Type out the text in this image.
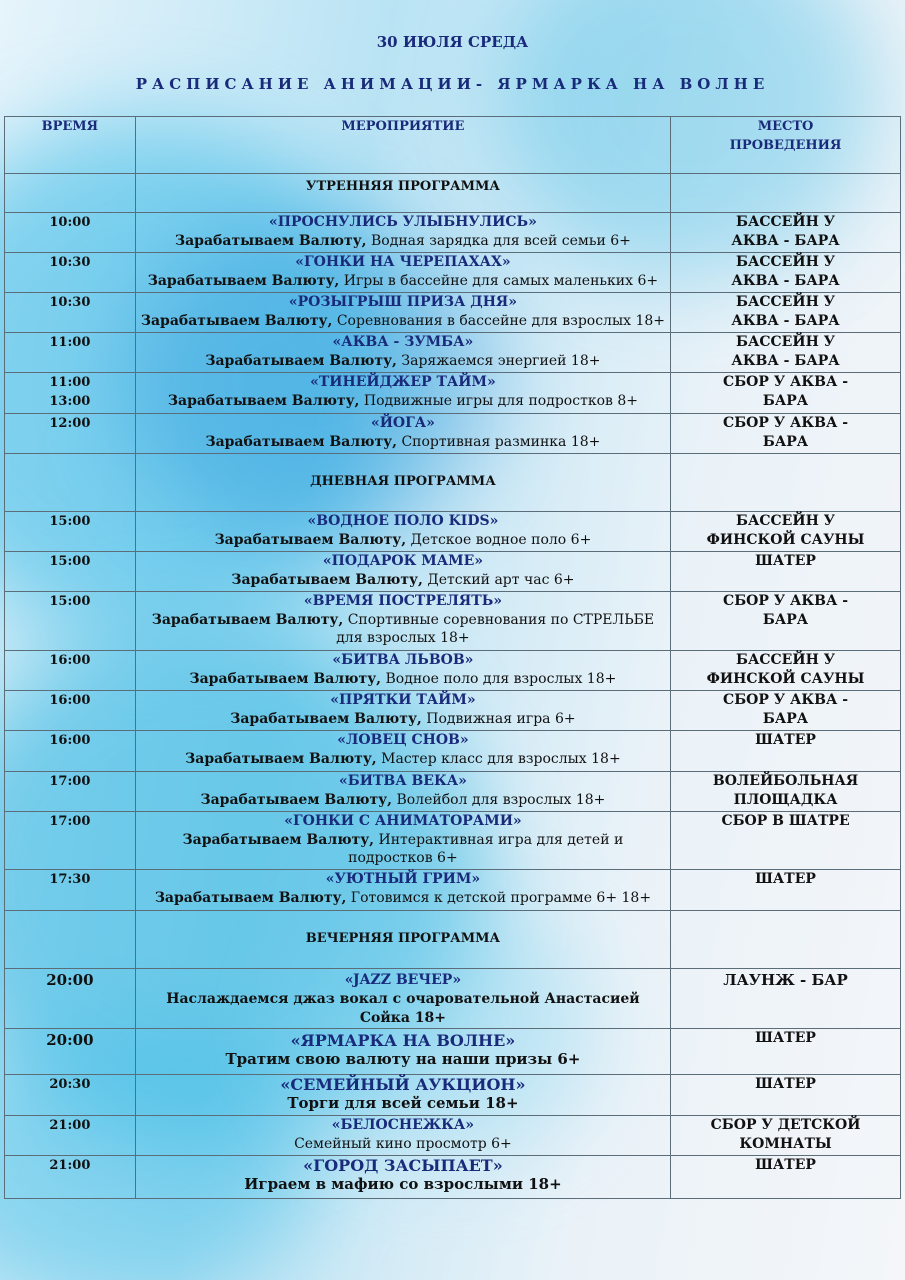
30 ИЮЛЯ СРЕДА
РАСПИСАНИЕ АНИМАЦИИ- ЯРМАРКА НА ВОЛНЕ
ВРЕМЯ	МЕРОПРИЯТИЕ	МЕСТО ПРОВЕДЕНИЯ

	УТРЕННЯЯ ПРОГРАММА	
10:00	«ПРОСНУЛИСЬ УЛЫБНУЛИСЬ»
Зарабатываем Валюту, Водная зарядка для всей семьи 6+	БАССЕЙН У АКВА - БАРА

10:30	«ГОНКИ НА ЧЕРЕПАХАХ»
Зарабатываем Валюту, Игры в бассейне для самых маленьких 6+	БАССЕЙН У АКВА - БАРА

10:30	«РОЗЫГРЫШ ПРИЗА ДНЯ»
Зарабатываем Валюту, Соревнования в бассейне для взрослых 18+	БАССЕЙН У АКВА - БАРА

11:00	«АКВА - ЗУМБА»
Зарабатываем Валюту, Заряжаемся энергией 18+	БАССЕЙН У АКВА - БАРА

11:00 13:00	«ТИНЕЙДЖЕР ТАЙМ»
Зарабатываем Валюту, Подвижные игры для подростков 8+	СБОР У АКВА - БАРА

12:00	«ЙОГА»
Зарабатываем Валюту, Спортивная разминка 18+	СБОР У АКВА - БАРА

	ДНЕВНАЯ ПРОГРАММА	
15:00	«ВОДНОЕ ПОЛО KIDS»
Зарабатываем Валюту, Детское водное поло 6+	БАССЕЙН У ФИНСКОЙ САУНЫ

15:00	«ПОДАРОК МАМЕ»
Зарабатываем Валюту, Детский арт час 6+	ШАТЕР
15:00	«ВРЕМЯ ПОСТРЕЛЯТЬ»
Зарабатываем Валюту, Спортивные соревнования по СТРЕЛЬБЕ для взрослых 18+	СБОР У АКВА - БАРА

16:00	«БИТВА ЛЬВОВ»
Зарабатываем Валюту, Водное поло для взрослых 18+	БАССЕЙН У ФИНСКОЙ САУНЫ

16:00	«ПРЯТКИ ТАЙМ»
Зарабатываем Валюту, Подвижная игра 6+	СБОР У АКВА - БАРА

16:00	«ЛОВЕЦ СНОВ»
Зарабатываем Валюту, Мастер класс для взрослых 18+	ШАТЕР
17:00	«БИТВА ВЕКА»
Зарабатываем Валюту, Волейбол для взрослых 18+	ВОЛЕЙБОЛЬНАЯ ПЛОЩАДКА

17:00	«ГОНКИ С АНИМАТОРАМИ»
Зарабатываем Валюту, Интерактивная игра для детей и подростков 6+	СБОР В ШАТРЕ
17:30	«УЮТНЫЙ ГРИМ»
Зарабатываем Валюту, Готовимся к детской программе 6+ 18+	ШАТЕР
	ВЕЧЕРНЯЯ ПРОГРАММА	
20:00	«JAZZ ВЕЧЕР»
Наслаждаемся джаз вокал с очаровательной Анастасией Сойка 18+	ЛАУНЖ - БАР
20:00	«ЯРМАРКА НА ВОЛНЕ»
Тратим свою валюту на наши призы 6+	ШАТЕР
20:30	«СЕМЕЙНЫЙ АУКЦИОН»
Торги для всей семьи 18+	ШАТЕР
21:00	«БЕЛОСНЕЖКА»
Семейный кино просмотр 6+	СБОР У ДЕТСКОЙ КОМНАТЫ

21:00	«ГОРОД ЗАСЫПАЕТ»
Играем в мафию со взрослыми 18+	ШАТЕР
